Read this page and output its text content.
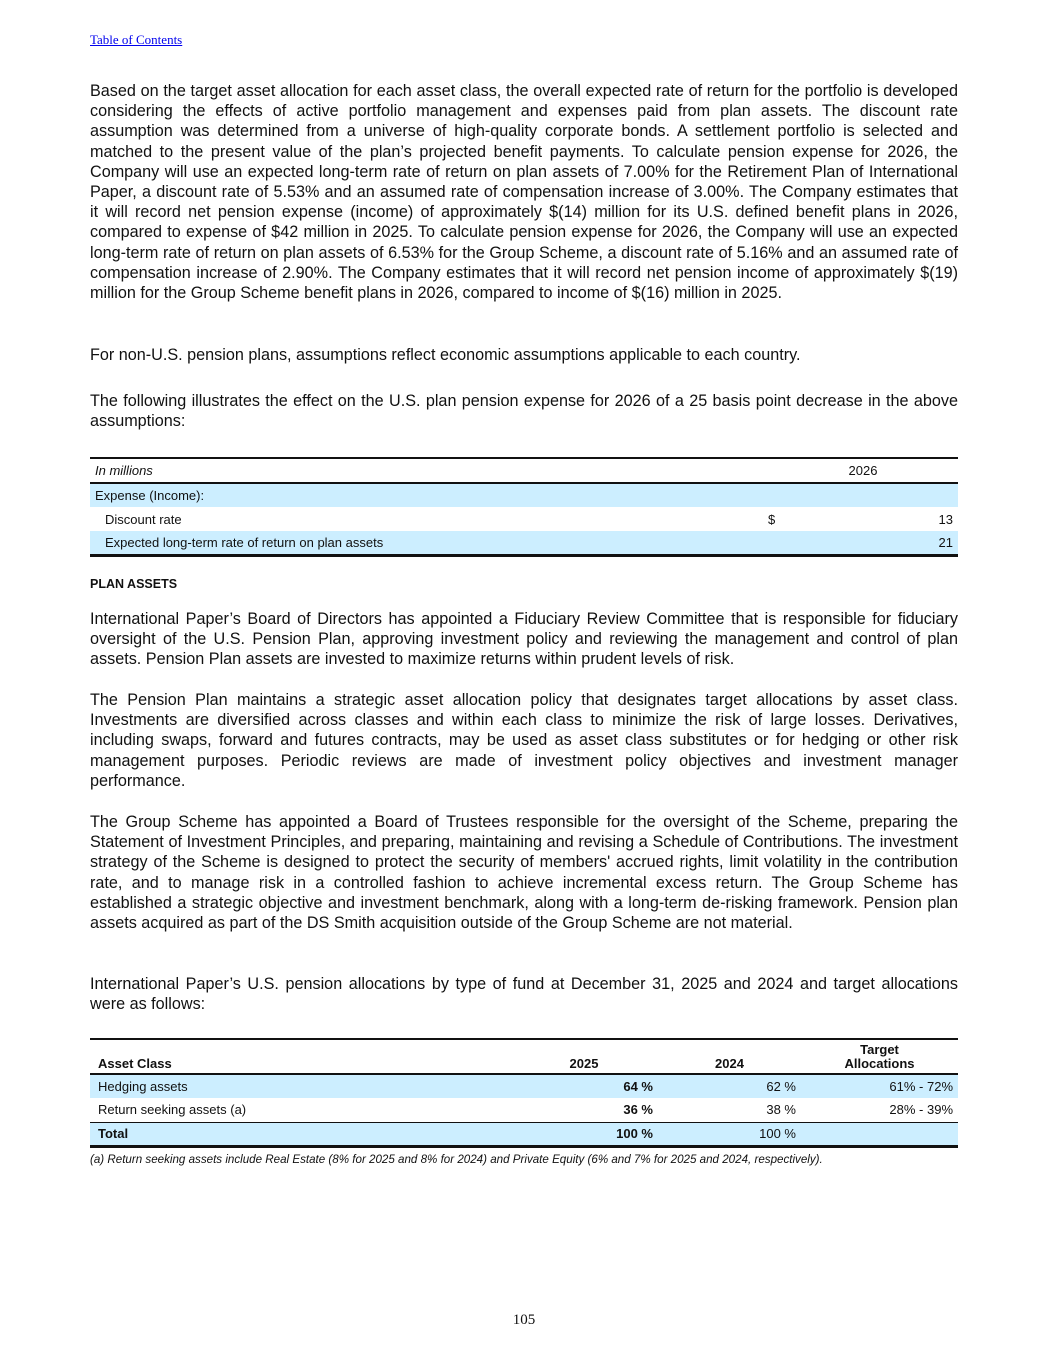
Table of Contents

Based on the target asset allocation for each asset class, the overall expected rate of return for the portfolio is developed considering the effects of active portfolio management and expenses paid from plan assets. The discount rate assumption was determined from a universe of high-quality corporate bonds. A settlement portfolio is selected and matched to the present value of the plan’s projected benefit payments. To calculate pension expense for 2026, the Company will use an expected long-term rate of return on plan assets of 7.00% for the Retirement Plan of International Paper, a discount rate of 5.53% and an assumed rate of compensation increase of 3.00%. The Company estimates that it will record net pension expense (income) of approximately $(14) million for its U.S. defined benefit plans in 2026, compared to expense of $42 million in 2025. To calculate pension expense for 2026, the Company will use an expected long-term rate of return on plan assets of 6.53% for the Group Scheme, a discount rate of 5.16% and an assumed rate of compensation increase of 2.90%. The Company estimates that it will record net pension income of approximately $(19) million for the Group Scheme benefit plans in 2026, compared to income of $(16) million in 2025.

For non-U.S. pension plans, assumptions reflect economic assumptions applicable to each country.

The following illustrates the effect on the U.S. plan pension expense for 2026 of a 25 basis point decrease in the above assumptions:

In millions	2026	
Expense (Income):		
Discount rate	$	13
Expected long-term rate of return on plan assets		21
PLAN ASSETS

International Paper’s Board of Directors has appointed a Fiduciary Review Committee that is responsible for fiduciary oversight of the U.S. Pension Plan, approving investment policy and reviewing the management and control of plan assets. Pension Plan assets are invested to maximize returns within prudent levels of risk.

The Pension Plan maintains a strategic asset allocation policy that designates target allocations by asset class. Investments are diversified across classes and within each class to minimize the risk of large losses. Derivatives, including swaps, forward and futures contracts, may be used as asset class substitutes or for hedging or other risk management purposes. Periodic reviews are made of investment policy objectives and investment manager performance.

The Group Scheme has appointed a Board of Trustees responsible for the oversight of the Scheme, preparing the Statement of Investment Principles, and preparing, maintaining and revising a Schedule of Contributions. The investment strategy of the Scheme is designed to protect the security of members' accrued rights, limit volatility in the contribution rate, and to manage risk in a controlled fashion to achieve incremental excess return. The Group Scheme has established a strategic objective and investment benchmark, along with a long-term de-risking framework. Pension plan assets acquired as part of the DS Smith acquisition outside of the Group Scheme are not material.

International Paper’s U.S. pension allocations by type of fund at December 31, 2025 and 2024 and target allocations were as follows:

Asset Class	2025	2024	Target
Allocations
Hedging assets	64 %	62 %	61% - 72%
Return seeking assets (a)	36 %	38 %	28% - 39%
Total	100 %	100 %	
(a) Return seeking assets include Real Estate (8% for 2025 and 8% for 2024) and Private Equity (6% and 7% for 2025 and 2024, respectively).
105
